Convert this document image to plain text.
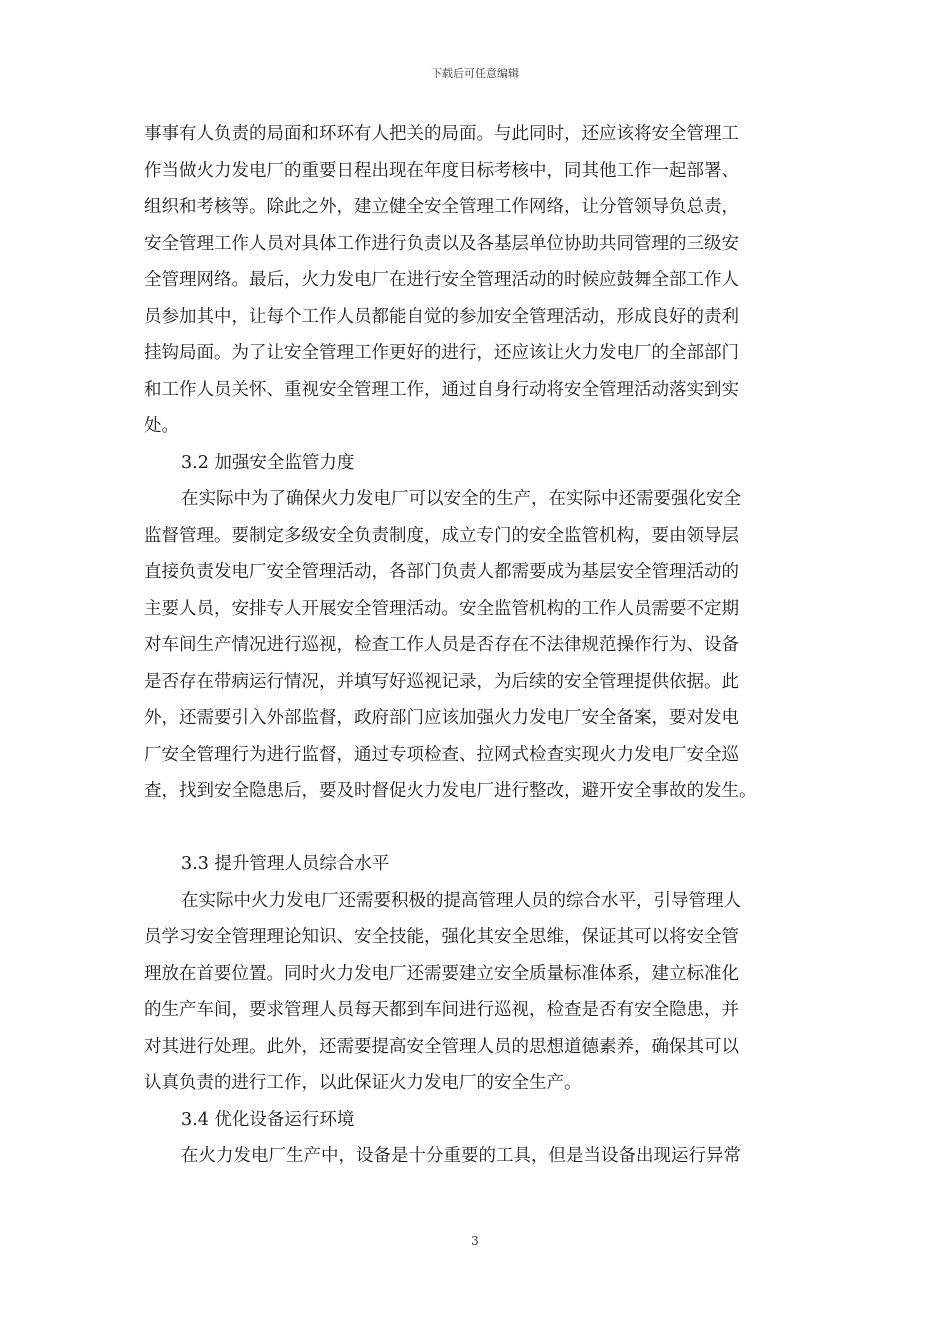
下载后可任意编辑
事事有人负责的局面和环环有人把关的局面。与此同时，还应该将安全管理工
作当做火力发电厂的重要日程出现在年度目标考核中，同其他工作一起部署、
组织和考核等。除此之外，建立健全安全管理工作网络，让分管领导负总责，
安全管理工作人员对具体工作进行负责以及各基层单位协助共同管理的三级安
全管理网络。最后，火力发电厂在进行安全管理活动的时候应鼓舞全部工作人
员参加其中，让每个工作人员都能自觉的参加安全管理活动，形成良好的责利
挂钩局面。为了让安全管理工作更好的进行，还应该让火力发电厂的全部部门
和工作人员关怀、重视安全管理工作，通过自身行动将安全管理活动落实到实
处。
3.2 加强安全监管力度
在实际中为了确保火力发电厂可以安全的生产，在实际中还需要强化安全
监督管理。要制定多级安全负责制度，成立专门的安全监管机构，要由领导层
直接负责发电厂安全管理活动，各部门负责人都需要成为基层安全管理活动的
主要人员，安排专人开展安全管理活动。安全监管机构的工作人员需要不定期
对车间生产情况进行巡视，检查工作人员是否存在不法律规范操作行为、设备
是否存在带病运行情况，并填写好巡视记录，为后续的安全管理提供依据。此
外，还需要引入外部监督，政府部门应该加强火力发电厂安全备案，要对发电
厂安全管理行为进行监督，通过专项检查、拉网式检查实现火力发电厂安全巡
查，找到安全隐患后，要及时督促火力发电厂进行整改，避开安全事故的发生。
3.3 提升管理人员综合水平
在实际中火力发电厂还需要积极的提高管理人员的综合水平，引导管理人
员学习安全管理理论知识、安全技能，强化其安全思维，保证其可以将安全管
理放在首要位置。同时火力发电厂还需要建立安全质量标准体系，建立标准化
的生产车间，要求管理人员每天都到车间进行巡视，检查是否有安全隐患，并
对其进行处理。此外，还需要提高安全管理人员的思想道德素养，确保其可以
认真负责的进行工作，以此保证火力发电厂的安全生产。
3.4 优化设备运行环境
在火力发电厂生产中，设备是十分重要的工具，但是当设备出现运行异常
3
